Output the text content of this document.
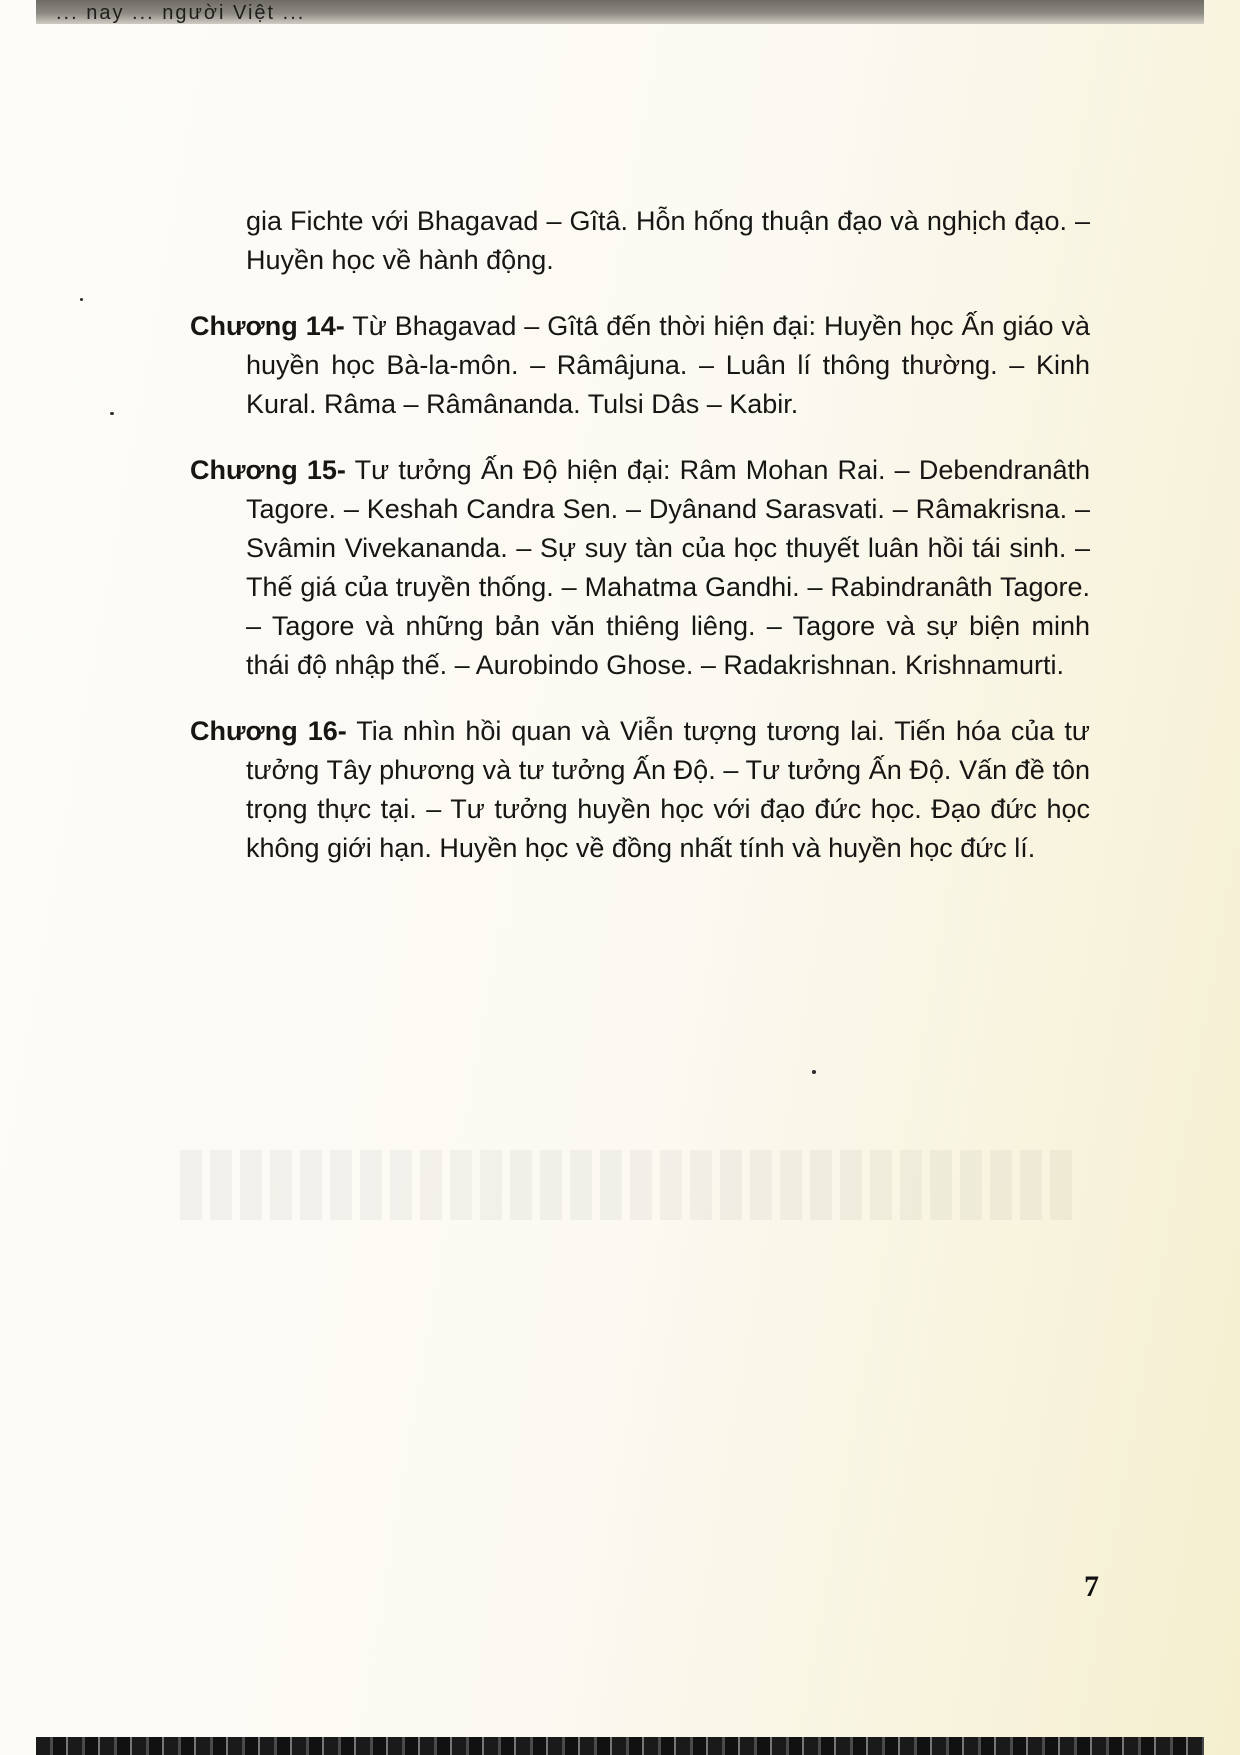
... nay ... người Việt ...

gia Fichte với Bhagavad – Gîtâ. Hỗn hống thuận đạo và nghịch đạo. – Huyền học về hành động.

Chương 14- Từ Bhagavad – Gîtâ đến thời hiện đại: Huyền học Ấn giáo và huyền học Bà-la-môn. – Râmâjuna. – Luân lí thông thường. – Kinh Kural. Râma – Râmânanda. Tulsi Dâs – Kabir.

Chương 15- Tư tưởng Ấn Độ hiện đại: Râm Mohan Rai. – Debendranâth Tagore. – Keshah Candra Sen. – Dyânand Sarasvati. – Râmakrisna. – Svâmin Vivekananda. – Sự suy tàn của học thuyết luân hồi tái sinh. – Thế giá của truyền thống. – Mahatma Gandhi. – Rabindranâth Tagore. – Tagore và những bản văn thiêng liêng. – Tagore và sự biện minh thái độ nhập thế. – Aurobindo Ghose. – Radakrishnan. Krishnamurti.

Chương 16- Tia nhìn hồi quan và Viễn tượng tương lai. Tiến hóa của tư tưởng Tây phương và tư tưởng Ấn Độ. – Tư tưởng Ấn Độ. Vấn đề tôn trọng thực tại. – Tư tưởng huyền học với đạo đức học. Đạo đức học không giới hạn. Huyền học về đồng nhất tính và huyền học đức lí.

7
